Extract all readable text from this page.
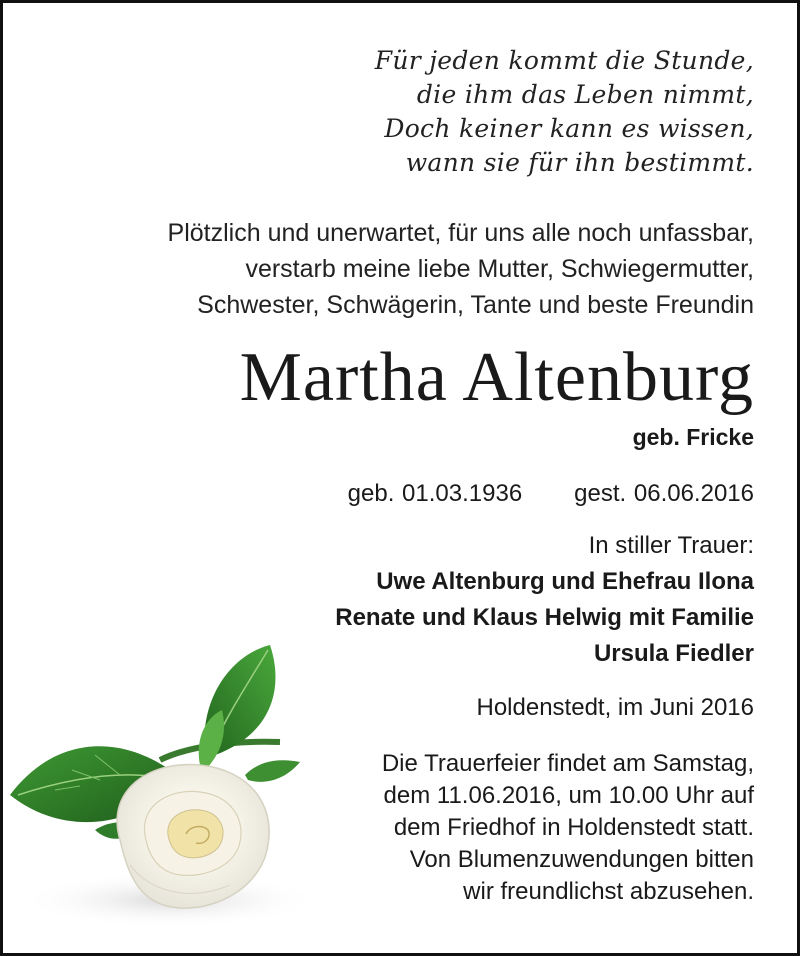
Für jeden kommt die Stunde,
die ihm das Leben nimmt,
Doch keiner kann es wissen,
wann sie für ihn bestimmt.
Plötzlich und unerwartet, für uns alle noch unfassbar,
verstarb meine liebe Mutter, Schwiegermutter,
Schwester, Schwägerin, Tante und beste Freundin
Martha Altenburg
geb. Fricke
geb. 01.03.1936 gest. 06.06.2016
In stiller Trauer:
Uwe Altenburg und Ehefrau Ilona
Renate und Klaus Helwig mit Familie
Ursula Fiedler
Holdenstedt, im Juni 2016
Die Trauerfeier findet am Samstag,
dem 11.06.2016, um 10.00 Uhr auf
dem Friedhof in Holdenstedt statt.
Von Blumenzuwendungen bitten
wir freundlichst abzusehen.
